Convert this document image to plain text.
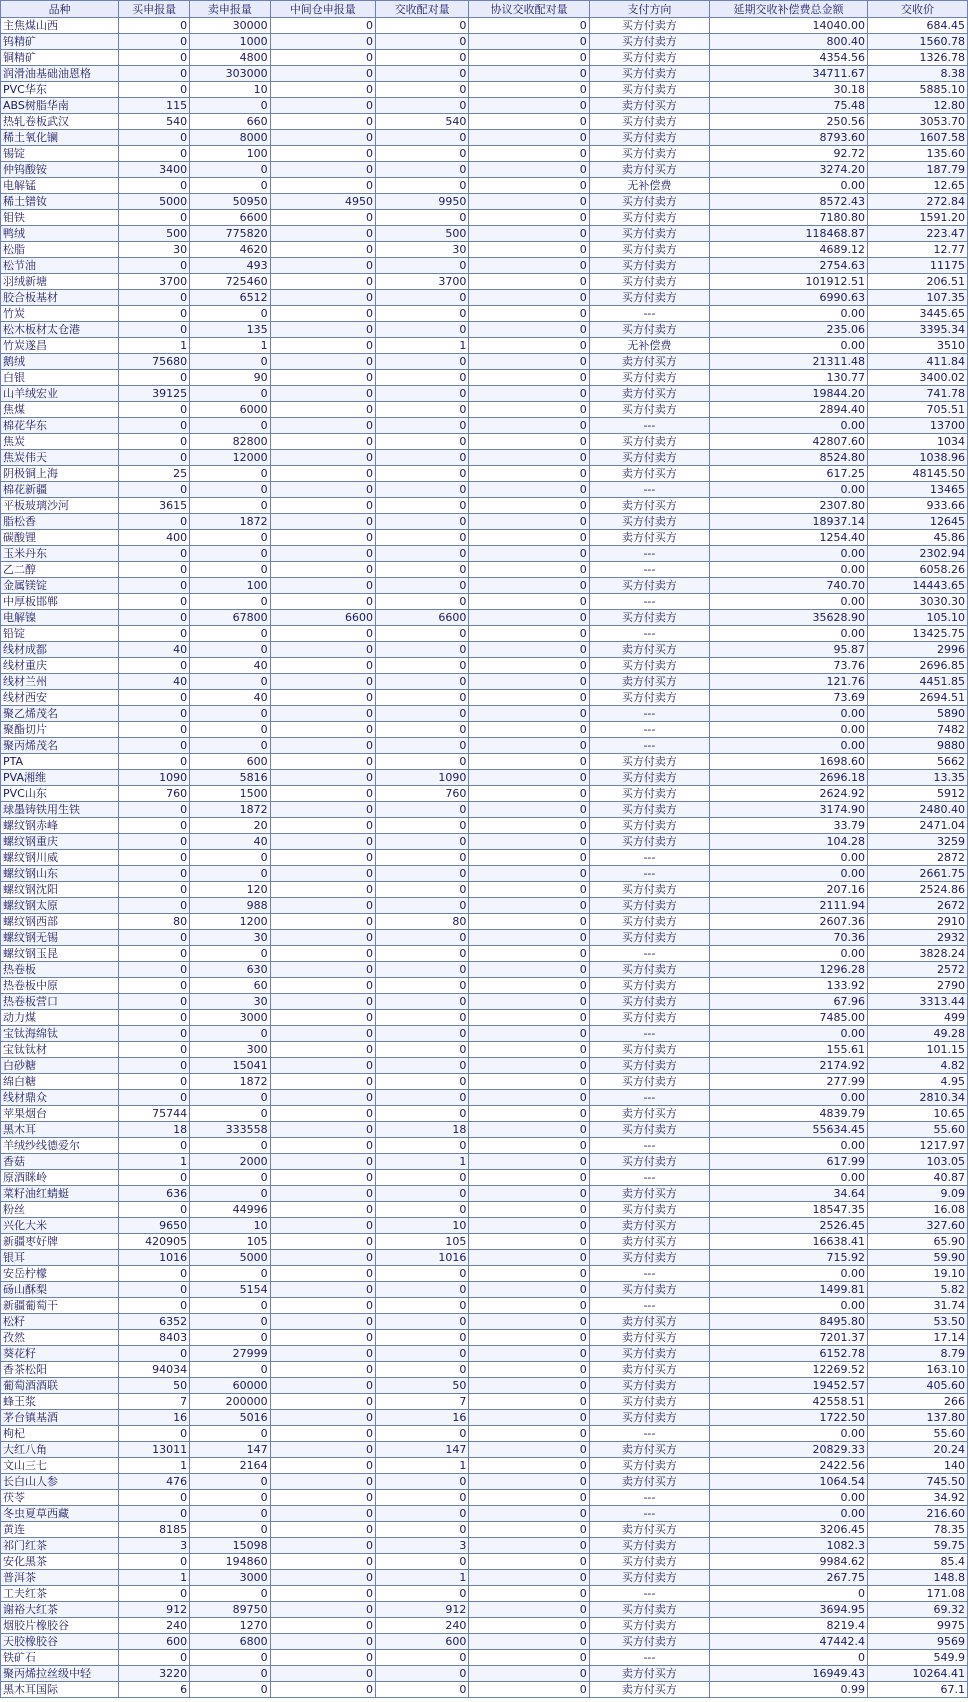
品种	买申报量	卖申报量	中间仓申报量	交收配对量	协议交收配对量	支付方向	延期交收补偿费总金额	交收价
主焦煤山西	0	30000	0	0	0	买方付卖方	14040.00	684.45
钨精矿	0	1000	0	0	0	买方付卖方	800.40	1560.78
铜精矿	0	4800	0	0	0	买方付卖方	4354.56	1326.78
润滑油基础油恩格	0	303000	0	0	0	买方付卖方	34711.67	8.38
PVC华东	0	10	0	0	0	买方付卖方	30.18	5885.10
ABS树脂华南	115	0	0	0	0	卖方付买方	75.48	12.80
热轧卷板武汉	540	660	0	540	0	买方付卖方	250.56	3053.70
稀土氧化镧	0	8000	0	0	0	买方付卖方	8793.60	1607.58
锡锭	0	100	0	0	0	买方付卖方	92.72	135.60
仲钨酸铵	3400	0	0	0	0	卖方付买方	3274.20	187.79
电解锰	0	0	0	0	0	无补偿费	0.00	12.65
稀土镨钕	5000	50950	4950	9950	0	买方付卖方	8572.43	272.84
钼铁	0	6600	0	0	0	买方付卖方	7180.80	1591.20
鸭绒	500	775820	0	500	0	买方付卖方	118468.87	223.47
松脂	30	4620	0	30	0	买方付卖方	4689.12	12.77
松节油	0	493	0	0	0	买方付卖方	2754.63	11175
羽绒新塘	3700	725460	0	3700	0	买方付卖方	101912.51	206.51
胶合板基材	0	6512	0	0	0	买方付卖方	6990.63	107.35
竹炭	0	0	0	0	0	---	0.00	3445.65
松木板材太仓港	0	135	0	0	0	买方付卖方	235.06	3395.34
竹炭遂昌	1	1	0	1	0	无补偿费	0.00	3510
鹅绒	75680	0	0	0	0	卖方付买方	21311.48	411.84
白银	0	90	0	0	0	买方付卖方	130.77	3400.02
山羊绒宏业	39125	0	0	0	0	卖方付买方	19844.20	741.78
焦煤	0	6000	0	0	0	买方付卖方	2894.40	705.51
棉花华东	0	0	0	0	0	---	0.00	13700
焦炭	0	82800	0	0	0	买方付卖方	42807.60	1034
焦炭伟天	0	12000	0	0	0	买方付卖方	8524.80	1038.96
阴极铜上海	25	0	0	0	0	卖方付买方	617.25	48145.50
棉花新疆	0	0	0	0	0	---	0.00	13465
平板玻璃沙河	3615	0	0	0	0	卖方付买方	2307.80	933.66
脂松香	0	1872	0	0	0	买方付卖方	18937.14	12645
碳酸锂	400	0	0	0	0	卖方付买方	1254.40	45.86
玉米丹东	0	0	0	0	0	---	0.00	2302.94
乙二醇	0	0	0	0	0	---	0.00	6058.26
金属镁锭	0	100	0	0	0	买方付卖方	740.70	14443.65
中厚板邯郸	0	0	0	0	0	---	0.00	3030.30
电解镍	0	67800	6600	6600	0	买方付卖方	35628.90	105.10
铅锭	0	0	0	0	0	---	0.00	13425.75
线材成都	40	0	0	0	0	卖方付买方	95.87	2996
线材重庆	0	40	0	0	0	买方付卖方	73.76	2696.85
线材兰州	40	0	0	0	0	卖方付买方	121.76	4451.85
线材西安	0	40	0	0	0	买方付卖方	73.69	2694.51
聚乙烯茂名	0	0	0	0	0	---	0.00	5890
聚酯切片	0	0	0	0	0	---	0.00	7482
聚丙烯茂名	0	0	0	0	0	---	0.00	9880
PTA	0	600	0	0	0	买方付卖方	1698.60	5662
PVA湘维	1090	5816	0	1090	0	买方付卖方	2696.18	13.35
PVC山东	760	1500	0	760	0	买方付卖方	2624.92	5912
球墨铸铁用生铁	0	1872	0	0	0	买方付卖方	3174.90	2480.40
螺纹钢赤峰	0	20	0	0	0	买方付卖方	33.79	2471.04
螺纹钢重庆	0	40	0	0	0	买方付卖方	104.28	3259
螺纹钢川威	0	0	0	0	0	---	0.00	2872
螺纹钢山东	0	0	0	0	0	---	0.00	2661.75
螺纹钢沈阳	0	120	0	0	0	买方付卖方	207.16	2524.86
螺纹钢太原	0	988	0	0	0	买方付卖方	2111.94	2672
螺纹钢西部	80	1200	0	80	0	买方付卖方	2607.36	2910
螺纹钢无锡	0	30	0	0	0	买方付卖方	70.36	2932
螺纹钢玉昆	0	0	0	0	0	---	0.00	3828.24
热卷板	0	630	0	0	0	买方付卖方	1296.28	2572
热卷板中原	0	60	0	0	0	买方付卖方	133.92	2790
热卷板营口	0	30	0	0	0	买方付卖方	67.96	3313.44
动力煤	0	3000	0	0	0	买方付卖方	7485.00	499
宝钛海绵钛	0	0	0	0	0	---	0.00	49.28
宝钛钛材	0	300	0	0	0	买方付卖方	155.61	101.15
白砂糖	0	15041	0	0	0	买方付卖方	2174.92	4.82
绵白糖	0	1872	0	0	0	买方付卖方	277.99	4.95
线材鼎众	0	0	0	0	0	---	0.00	2810.34
苹果烟台	75744	0	0	0	0	卖方付买方	4839.79	10.65
黑木耳	18	333558	0	18	0	买方付卖方	55634.45	55.60
羊绒纱线德爱尔	0	0	0	0	0	---	0.00	1217.97
香菇	1	2000	0	1	0	买方付卖方	617.99	103.05
原酒眯岭	0	0	0	0	0	---	0.00	40.87
菜籽油红蜻蜓	636	0	0	0	0	卖方付买方	34.64	9.09
粉丝	0	44996	0	0	0	买方付卖方	18547.35	16.08
兴化大米	9650	10	0	10	0	卖方付买方	2526.45	327.60
新疆枣好牌	420905	105	0	105	0	卖方付买方	16638.41	65.90
银耳	1016	5000	0	1016	0	买方付卖方	715.92	59.90
安岳柠檬	0	0	0	0	0	---	0.00	19.10
砀山酥梨	0	5154	0	0	0	买方付卖方	1499.81	5.82
新疆葡萄干	0	0	0	0	0	---	0.00	31.74
松籽	6352	0	0	0	0	卖方付买方	8495.80	53.50
孜然	8403	0	0	0	0	卖方付买方	7201.37	17.14
葵花籽	0	27999	0	0	0	买方付卖方	6152.78	8.79
香茶松阳	94034	0	0	0	0	卖方付买方	12269.52	163.10
葡萄酒酒联	50	60000	0	50	0	买方付卖方	19452.57	405.60
蜂王浆	7	200000	0	7	0	买方付卖方	42558.51	266
茅台镇基酒	16	5016	0	16	0	买方付卖方	1722.50	137.80
枸杞	0	0	0	0	0	---	0.00	55.60
大红八角	13011	147	0	147	0	卖方付买方	20829.33	20.24
文山三七	1	2164	0	1	0	买方付卖方	2422.56	140
长白山人参	476	0	0	0	0	卖方付买方	1064.54	745.50
茯苓	0	0	0	0	0	---	0.00	34.92
冬虫夏草西藏	0	0	0	0	0	---	0.00	216.60
黄连	8185	0	0	0	0	卖方付买方	3206.45	78.35
祁门红茶	3	15098	0	3	0	买方付卖方	1082.3	59.75
安化黑茶	0	194860	0	0	0	买方付卖方	9984.62	85.4
普洱茶	1	3000	0	1	0	买方付卖方	267.75	148.8
工夫红茶	0	0	0	0	0	---	0	171.08
谢裕大红茶	912	89750	0	912	0	买方付卖方	3694.95	69.32
烟胶片橡胶谷	240	1270	0	240	0	买方付卖方	8219.4	9975
天胶橡胶谷	600	6800	0	600	0	买方付卖方	47442.4	9569
铁矿石	0	0	0	0	0	---	0	549.9
聚丙烯拉丝级中轻	3220	0	0	0	0	卖方付买方	16949.43	10264.41
黑木耳国际	6	0	0	0	0	卖方付买方	0.99	67.1
